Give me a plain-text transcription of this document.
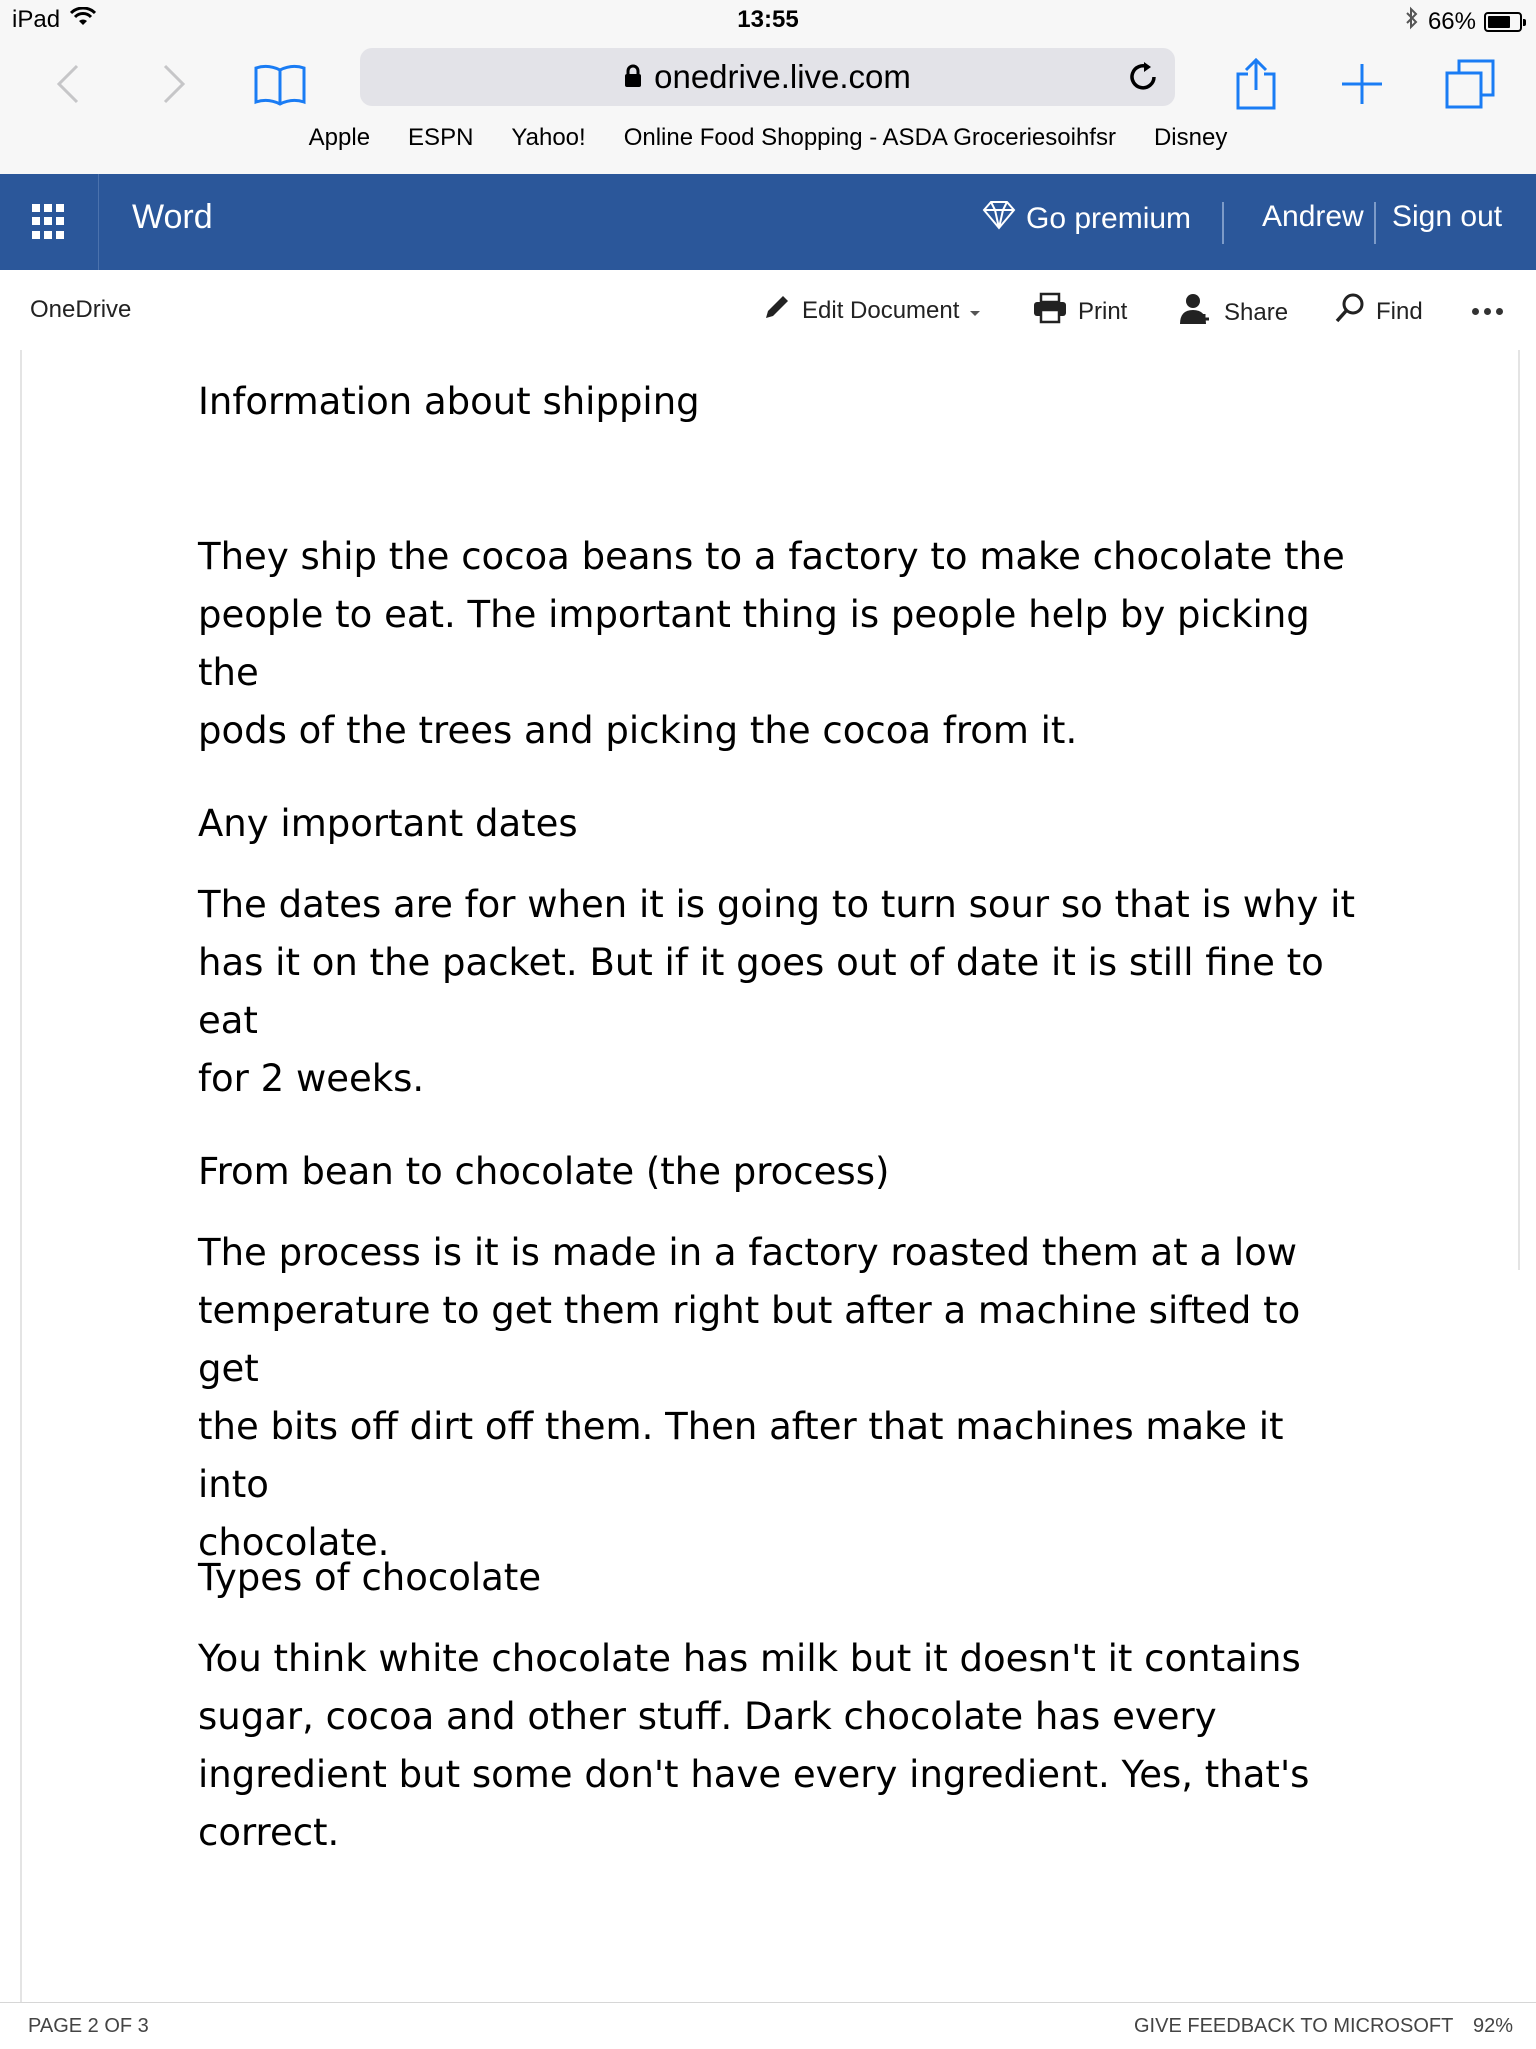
iPad	13:55	66%
onedrive.live.com
Apple ESPN Yahoo! Online Food Shopping - ASDA Groceriesoihfsr Disney
Word	Go premium Andrew Sign out
OneDrive	Edit Document	Print	Share	Find
Information about shipping
They ship the cocoa beans to a factory to make chocolate the
people to eat. The important thing is people help by picking the
pods of the trees and picking the cocoa from it.
Any important dates
The dates are for when it is going to turn sour so that is why it
has it on the packet. But if it goes out of date it is still fine to eat
for 2 weeks.
From bean to chocolate (the process)
The process is it is made in a factory roasted them at a low
temperature to get them right but after a machine sifted to get
the bits off dirt off them. Then after that machines make it into
chocolate.
Types of chocolate
You think white chocolate has milk but it doesn't it contains
sugar, cocoa and other stuff. Dark chocolate has every
ingredient but some don't have every ingredient. Yes, that's
correct.
PAGE 2 OF 3	GIVE FEEDBACK TO MICROSOFT 92%
